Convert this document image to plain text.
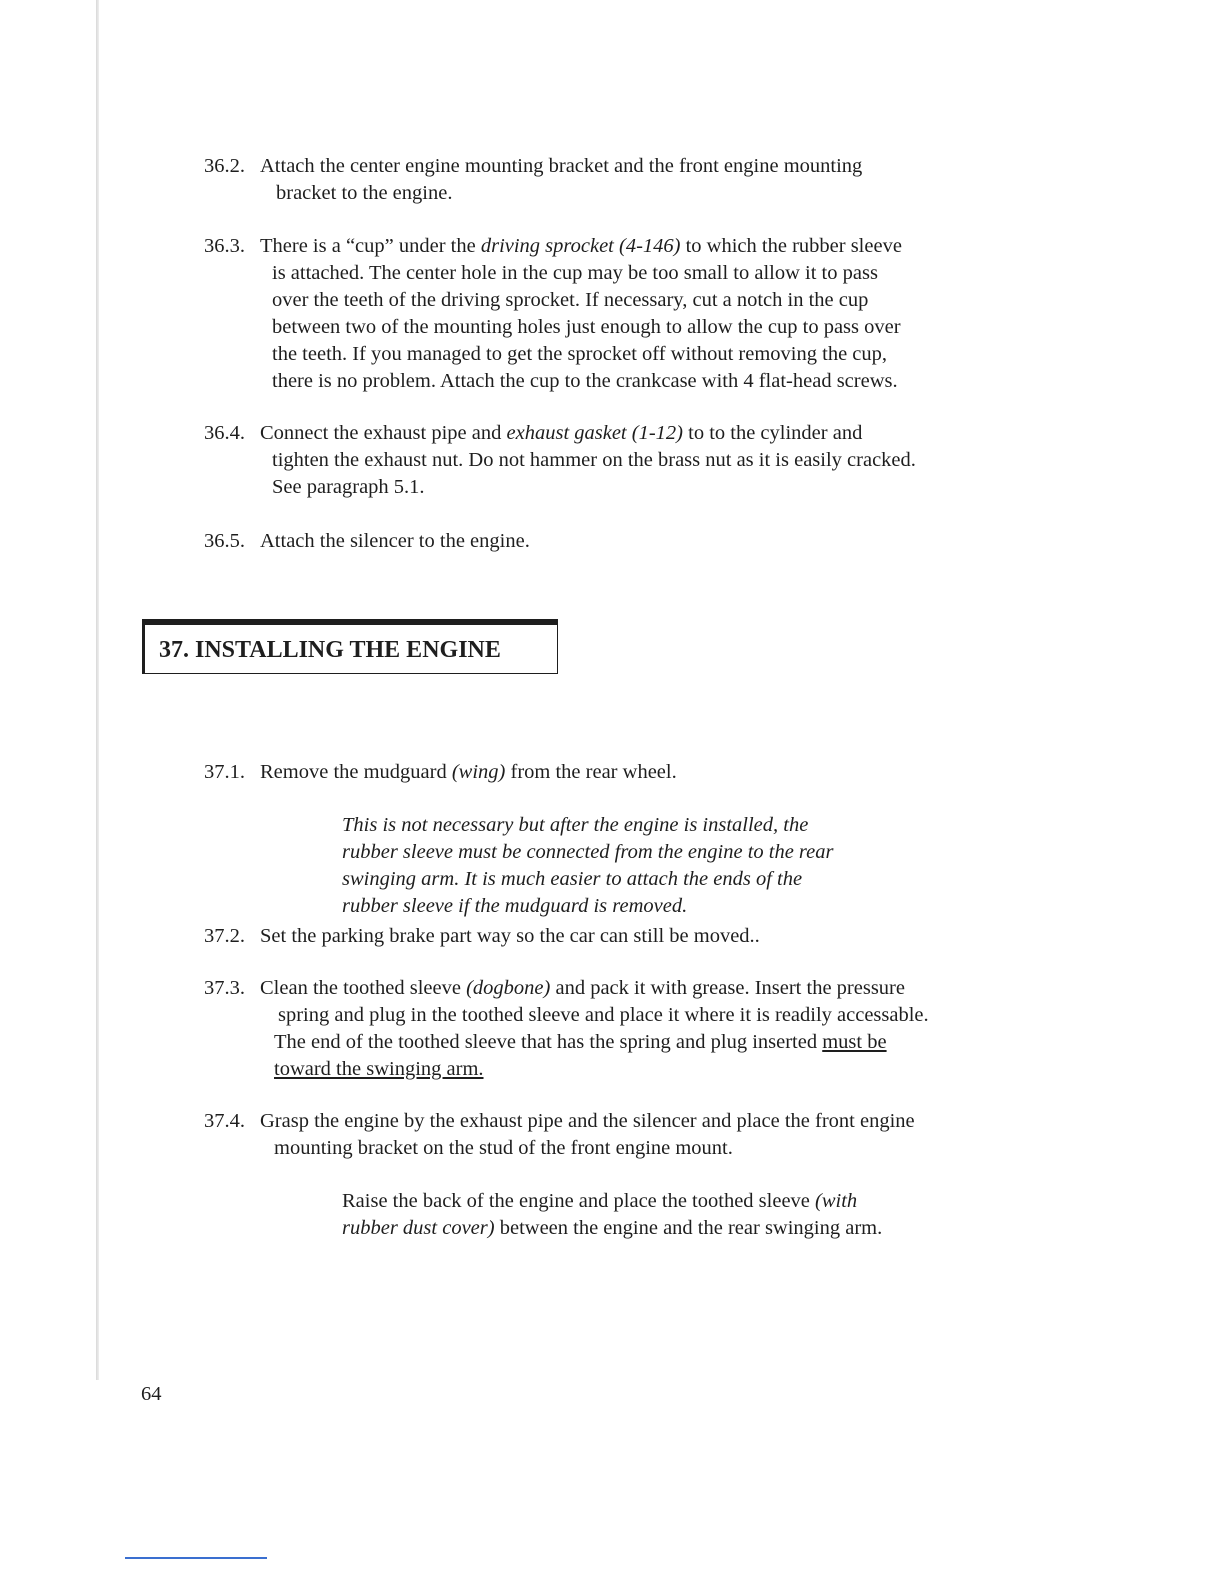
36.2. Attach the center engine mounting bracket and the front engine mounting
bracket to the engine.
36.3. There is a “cup” under the driving sprocket (4-146) to which the rubber sleeve
is attached. The center hole in the cup may be too small to allow it to pass
over the teeth of the driving sprocket. If necessary, cut a notch in the cup
between two of the mounting holes just enough to allow the cup to pass over
the teeth. If you managed to get the sprocket off without removing the cup,
there is no problem. Attach the cup to the crankcase with 4 flat-head screws.
36.4. Connect the exhaust pipe and exhaust gasket (1-12) to to the cylinder and
tighten the exhaust nut. Do not hammer on the brass nut as it is easily cracked.
See paragraph 5.1.
36.5. Attach the silencer to the engine.
37. INSTALLING THE ENGINE
37.1. Remove the mudguard (wing) from the rear wheel.
This is not necessary but after the engine is installed, the
rubber sleeve must be connected from the engine to the rear
swinging arm. It is much easier to attach the ends of the
rubber sleeve if the mudguard is removed.
37.2. Set the parking brake part way so the car can still be moved..
37.3. Clean the toothed sleeve (dogbone) and pack it with grease. Insert the pressure
spring and plug in the toothed sleeve and place it where it is readily accessable.
The end of the toothed sleeve that has the spring and plug inserted must be
toward the swinging arm.
37.4. Grasp the engine by the exhaust pipe and the silencer and place the front engine
mounting bracket on the stud of the front engine mount.
Raise the back of the engine and place the toothed sleeve (with
rubber dust cover) between the engine and the rear swinging arm.
64
